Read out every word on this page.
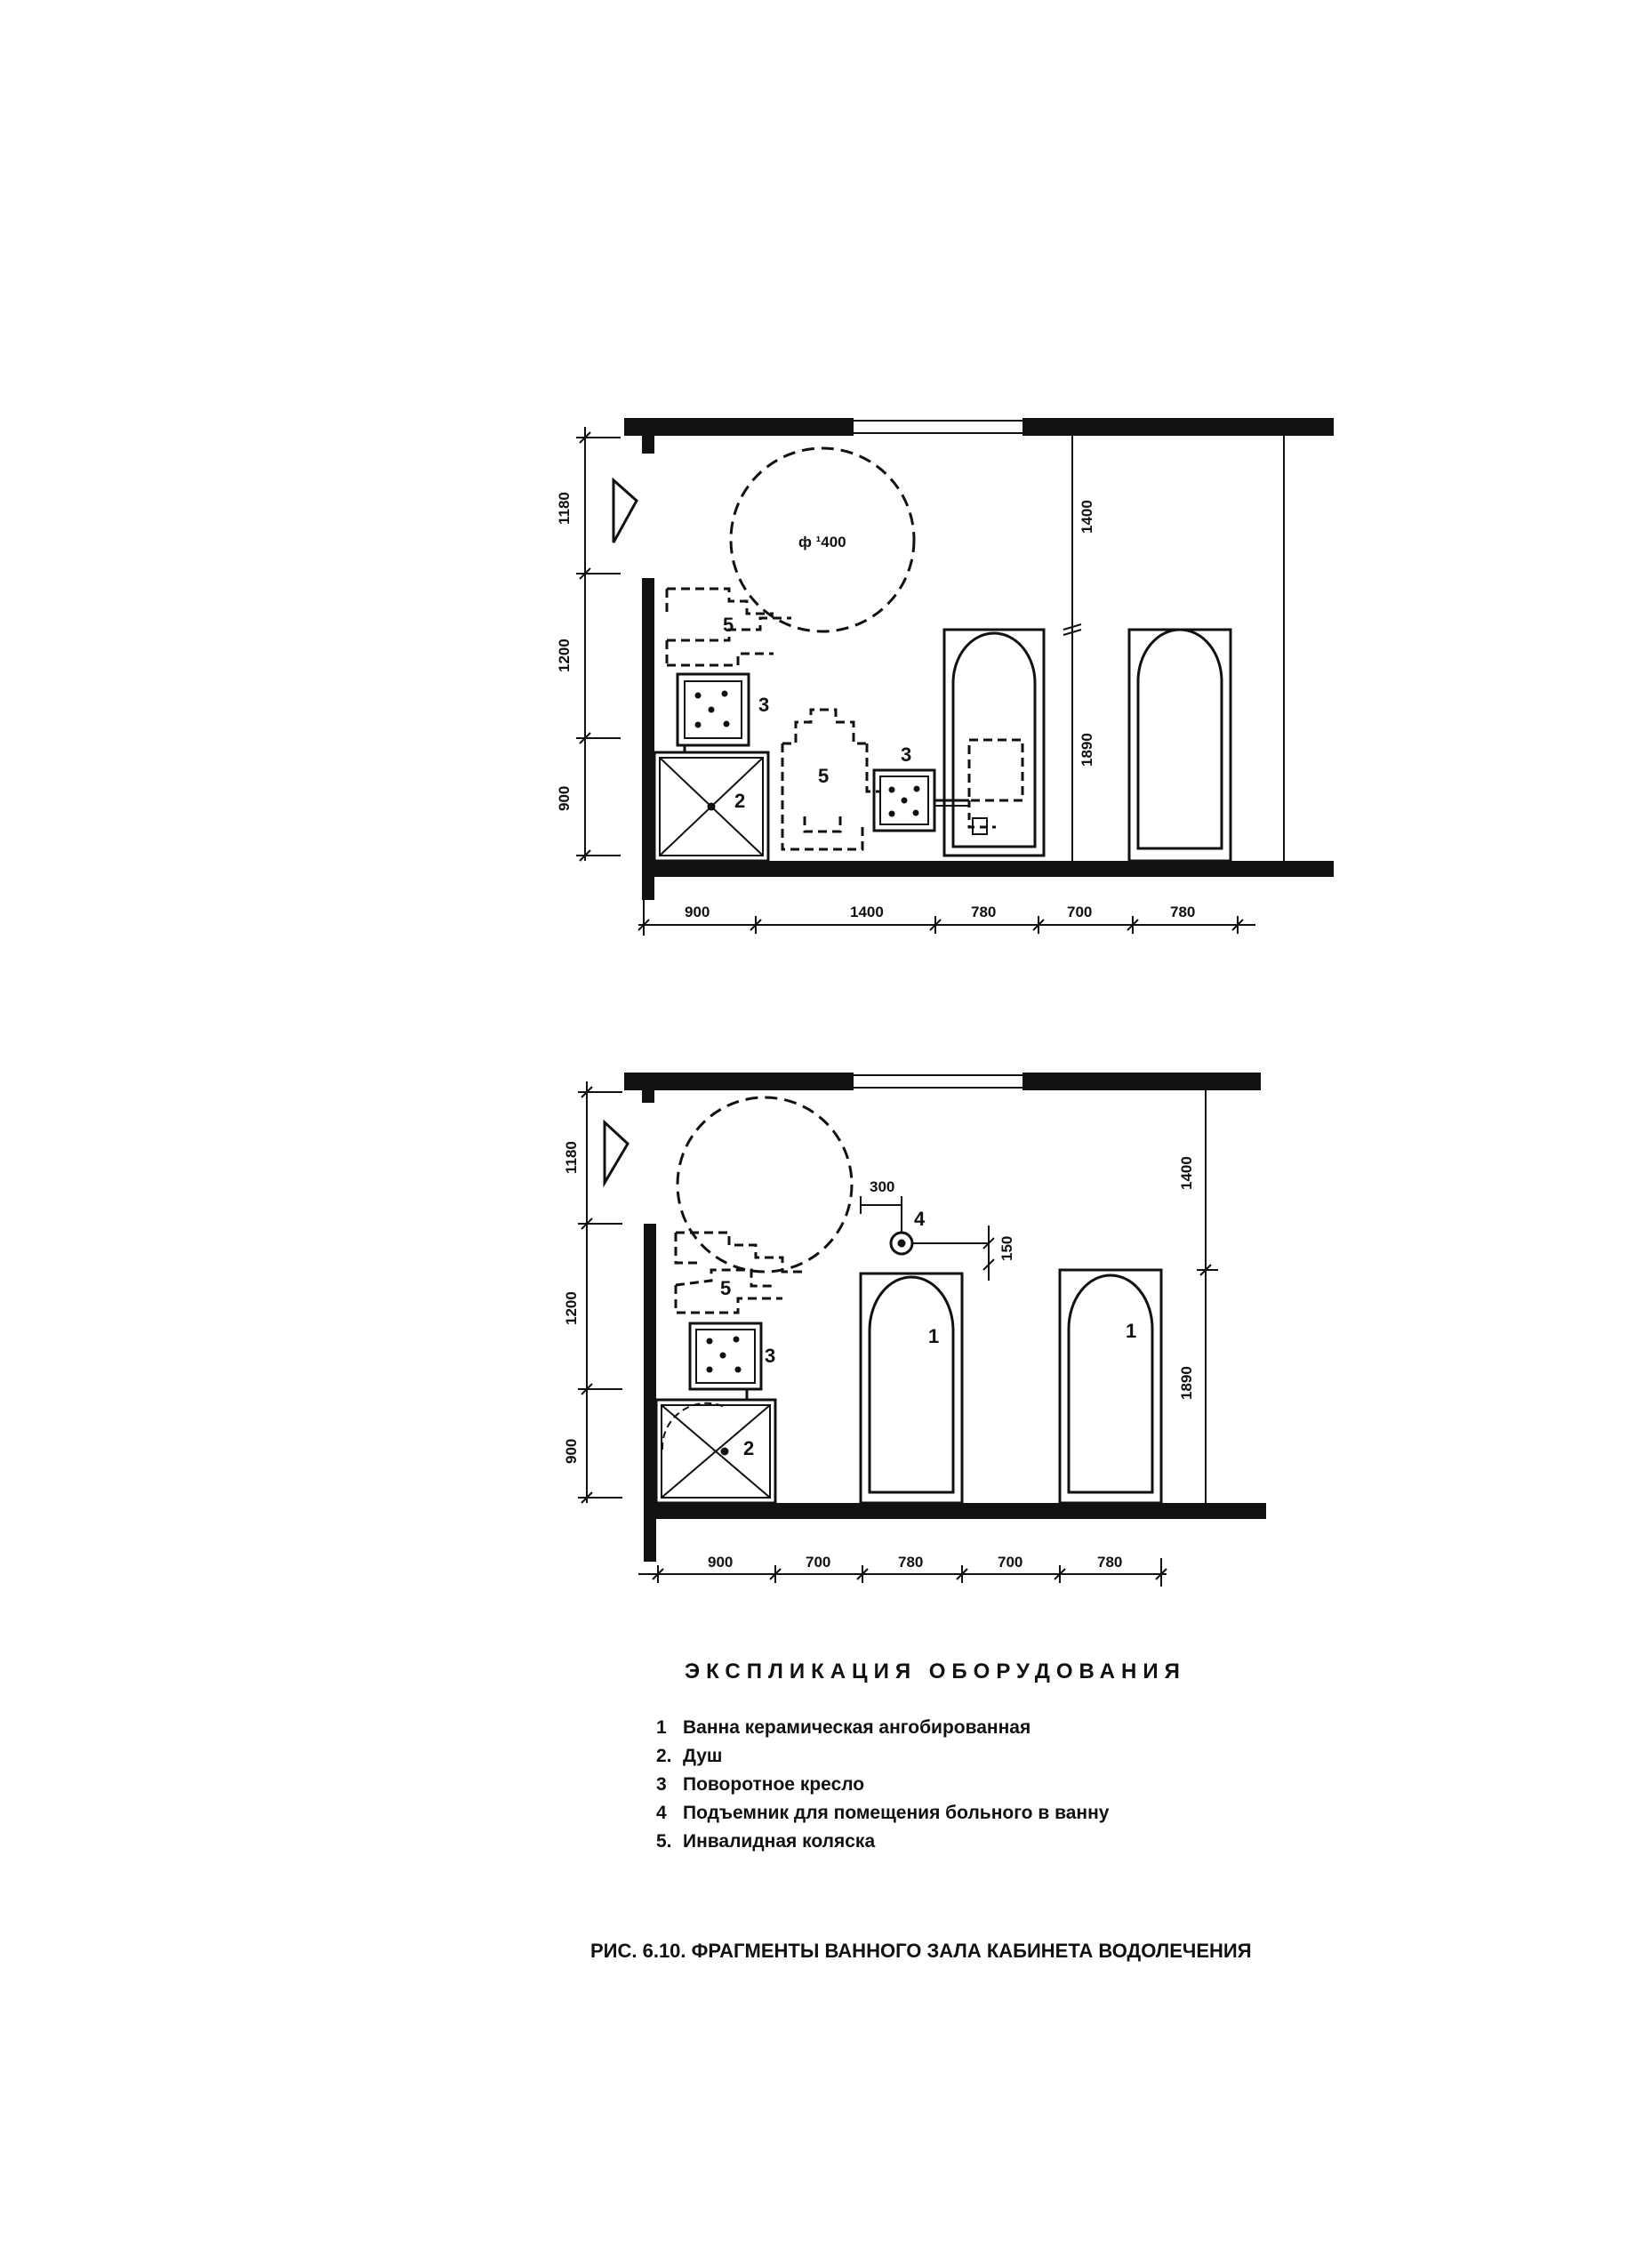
ф ¹400
5
3
2
5
3
1400
1890
1180
1200
900
900	1400	780	700	780
300
150
4
5
3
2
1	1
1400
1890
1180
1200
900
900	700	780	700	780
ЭКСПЛИКАЦИЯ ОБОРУДОВАНИЯ
1 Ванна керамическая ангобированная
2. Душ
3 Поворотное кресло
4 Подъемник для помещения больного в ванну
5. Инвалидная коляска
РИС. 6.10. ФРАГМЕНТЫ ВАННОГО ЗАЛА КАБИНЕТА ВОДОЛЕЧЕНИЯ
